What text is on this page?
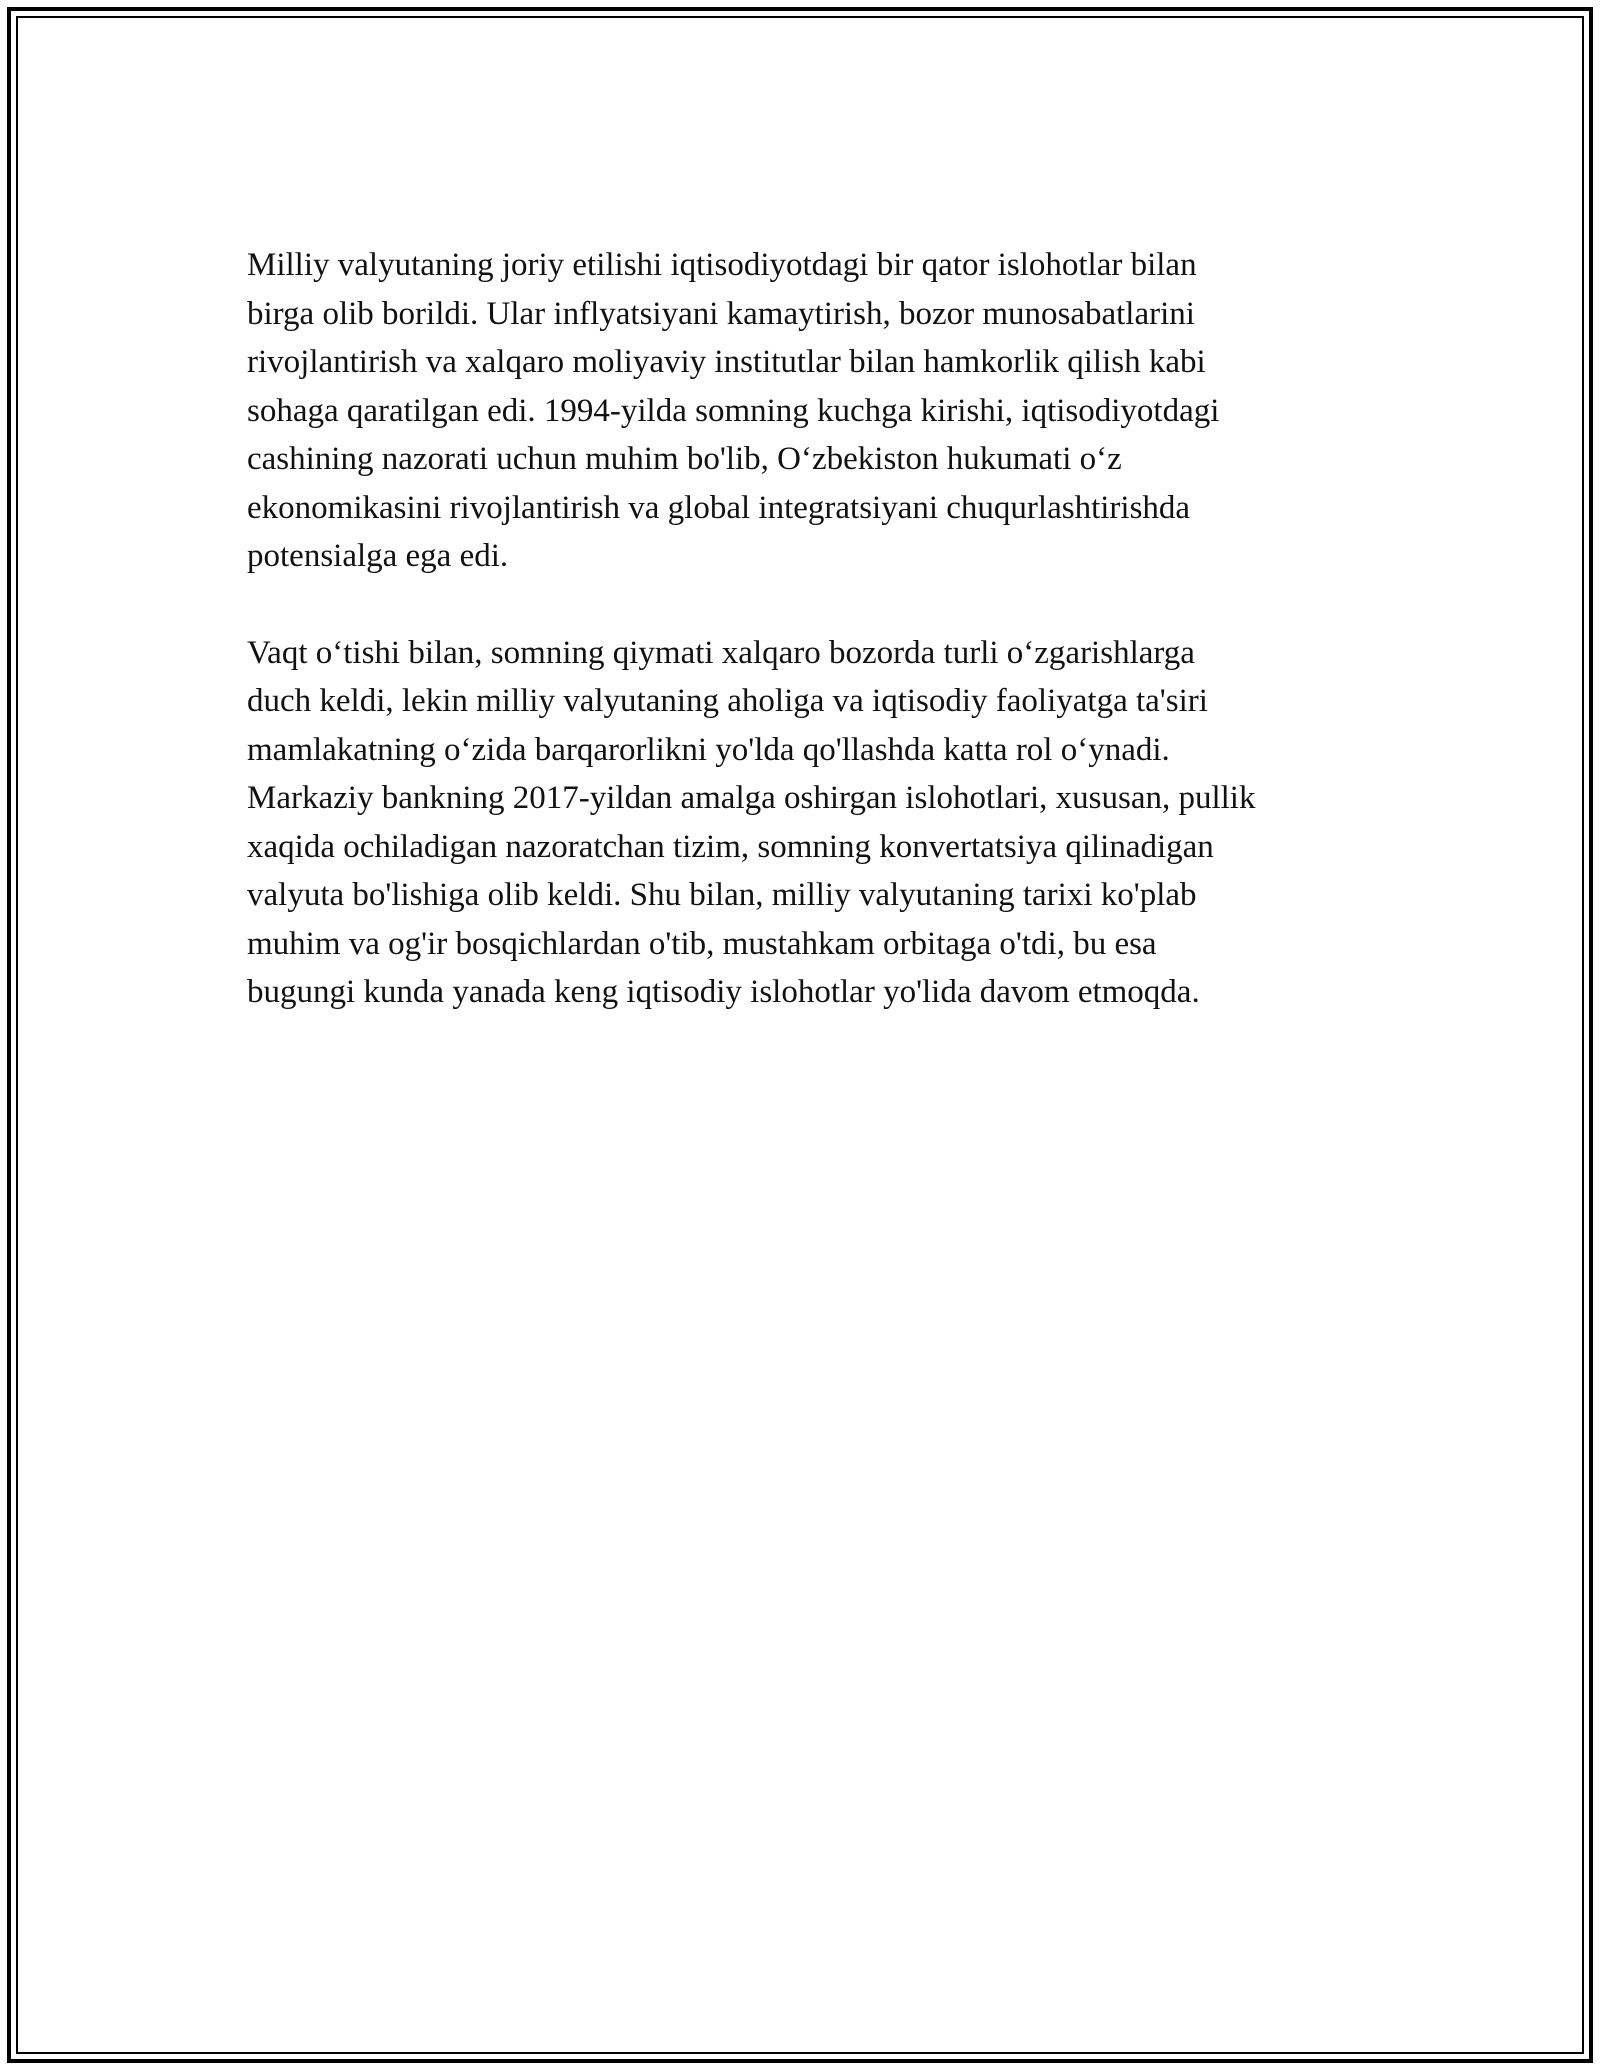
Milliy valyutaning joriy etilishi iqtisodiyotdagi bir qator islohotlar bilan
birga olib borildi. Ular inflyatsiyani kamaytirish, bozor munosabatlarini
rivojlantirish va xalqaro moliyaviy institutlar bilan hamkorlik qilish kabi
sohaga qaratilgan edi. 1994-yilda somning kuchga kirishi, iqtisodiyotdagi
cashining nazorati uchun muhim bo'lib, Oʻzbekiston hukumati oʻz
ekonomikasini rivojlantirish va global integratsiyani chuqurlashtirishda
potensialga ega edi.

Vaqt oʻtishi bilan, somning qiymati xalqaro bozorda turli oʻzgarishlarga
duch keldi, lekin milliy valyutaning aholiga va iqtisodiy faoliyatga ta'siri
mamlakatning oʻzida barqarorlikni yo'lda qo'llashda katta rol oʻynadi.
Markaziy bankning 2017-yildan amalga oshirgan islohotlari, xususan, pullik
xaqida ochiladigan nazoratchan tizim, somning konvertatsiya qilinadigan
valyuta bo'lishiga olib keldi. Shu bilan, milliy valyutaning tarixi ko'plab
muhim va og'ir bosqichlardan o'tib, mustahkam orbitaga o'tdi, bu esa
bugungi kunda yanada keng iqtisodiy islohotlar yo'lida davom etmoqda.
